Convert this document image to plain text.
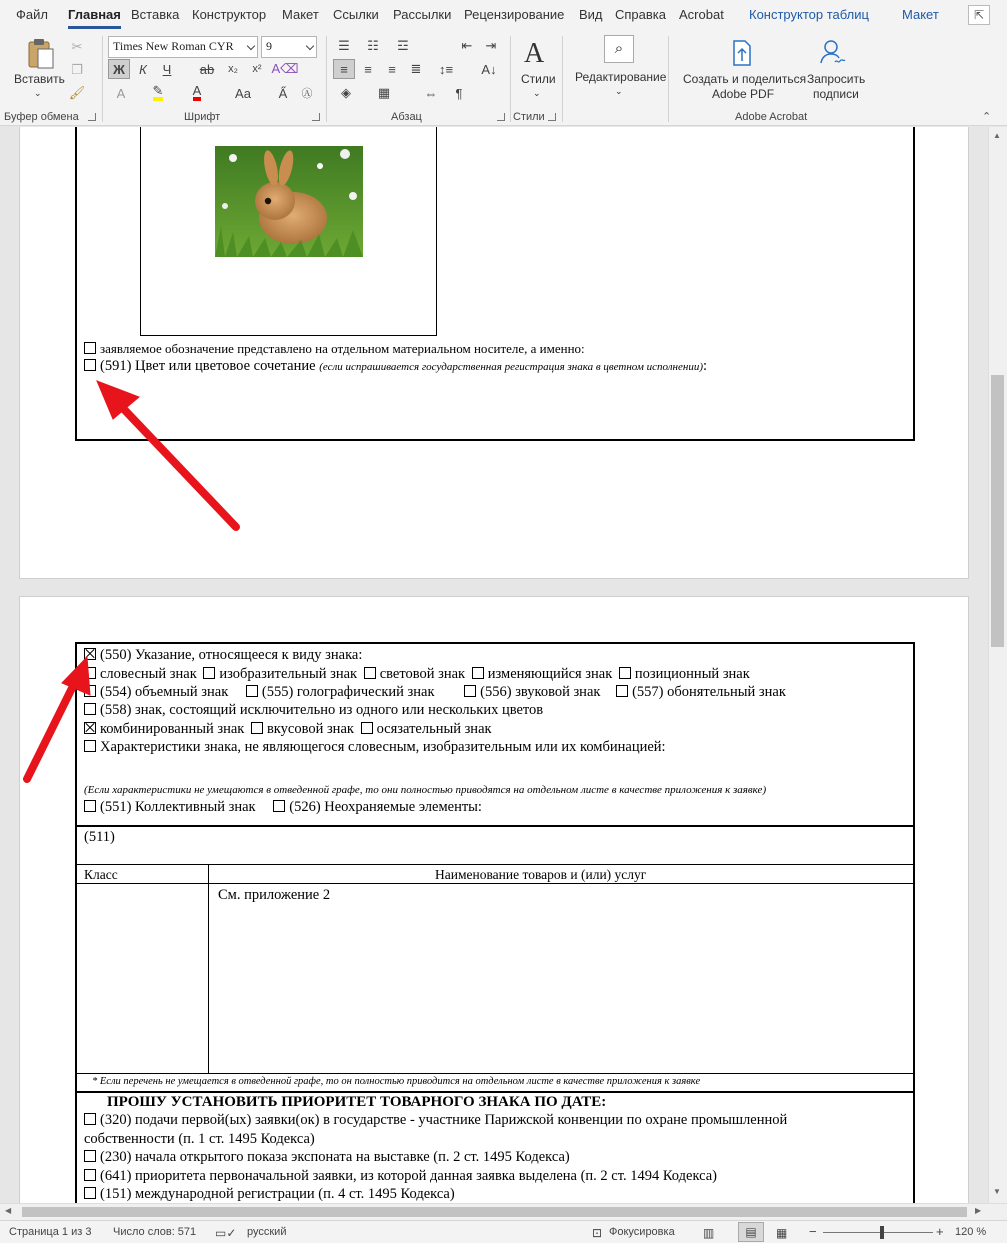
Файл Главная Вставка Конструктор Макет Ссылки Рассылки Рецензирование Вид Справка Acrobat Конструктор таблиц	Макет	⇱
Вставить
⌄
✂
❐
🖌
Буфер обмена
Times New Roman CYR	9
Ж	К	Ч	ab	x₂	x² A⌫
A	✎ A	Aa	A̋	Ⓐ
Шрифт
☰	☷	☲	⇤	⇥
≡	≡	≡	≣	↕≡	A↓
◈	▦	⇔	¶
Абзац
A
Стили
⌄
Стили
⌕
Редактирование
⌄
Создать и поделиться
Adobe PDF
Запросить
подписи
Adobe Acrobat	⌃
заявляемое обозначение представлено на отдельном материальном носителе, а именно:
(591) Цвет или цветовое сочетание (если испрашивается государственная регистрация знака в цветном исполнении):
(550) Указание, относящееся к виду знака:
словесный знак изобразительный знак световой знак изменяющийся знак позиционный знак
(554) объемный знак (555) голографический знак	(556) звуковой знак (557) обонятельный знак
(558) знак, состоящий исключительно из одного или нескольких цветов
комбинированный знак вкусовой знак осязательный знак
Характеристики знака, не являющегося словесным, изобразительным или их комбинацией:
(Если характеристики не умещаются в отведенной графе, то они полностью приводятся на отдельном листе в качестве приложения к заявке)
(551) Коллективный знак (526) Неохраняемые элементы:
(511)
Класс	Наименование товаров и (или) услуг
См. приложение 2
* Если перечень не умещается в отведенной графе, то он полностью приводится на отдельном листе в качестве приложения к заявке
ПРОШУ УСТАНОВИТЬ ПРИОРИТЕТ ТОВАРНОГО ЗНАКА ПО ДАТЕ:
(320) подачи первой(ых) заявки(ок) в государстве - участнике Парижской конвенции по охране промышленной
собственности (п. 1 ст. 1495 Кодекса)
(230) начала открытого показа экспоната на выставке (п. 2 ст. 1495 Кодекса)
(641) приоритета первоначальной заявки, из которой данная заявка выделена (п. 2 ст. 1494 Кодекса)
(151) международной регистрации (п. 4 ст. 1495 Кодекса)
▲
▼
◀	▶
Страница 1 из 3 Число слов: 571 ▭✓ русский	⊡ Фокусировка ▥	▤	▦ −	+ 120 %
